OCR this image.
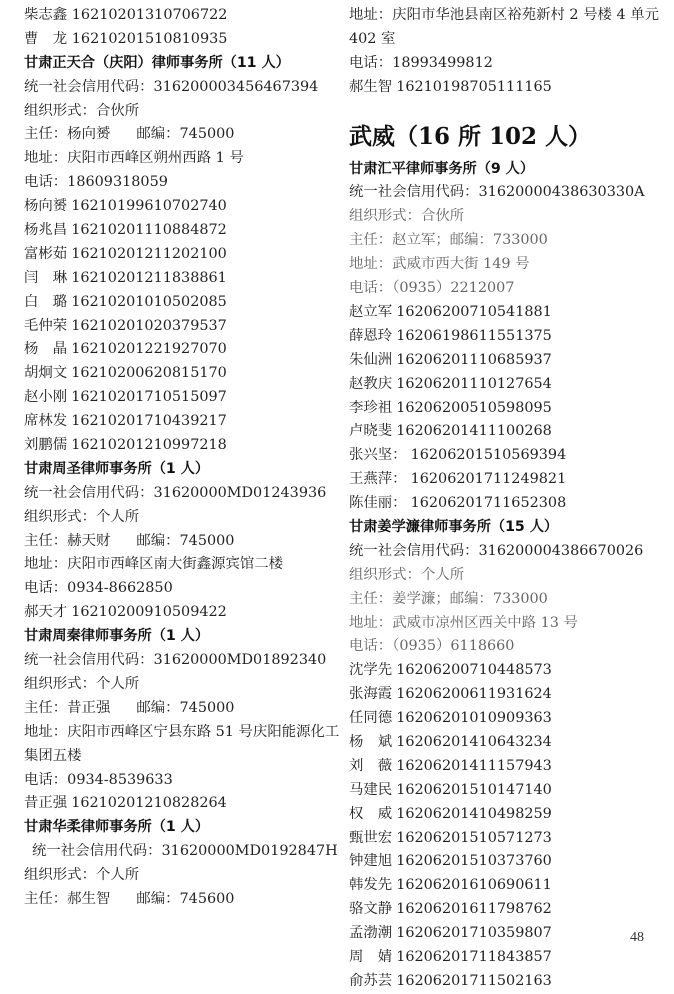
柴志鑫 16210201310706722
曹　龙 16210201510810935
甘肃正天合（庆阳）律师事务所（11 人）
统一社会信用代码：316200003456467394
组织形式：合伙所
主任：杨向赟 邮编：745000
地址：庆阳市西峰区朔州西路 1 号
电话：18609318059
杨向赟 16210199610702740
杨兆昌 16210201110884872
富彬茹 16210201211202100
闫　琳 16210201211838861
白　璐 16210201010502085
毛仲荣 16210201020379537
杨　晶 16210201221927070
胡炯文 16210200620815170
赵小刚 16210201710515097
席林发 16210201710439217
刘鹏儒 16210201210997218
甘肃周圣律师事务所（1 人）
统一社会信用代码：31620000MD01243936
组织形式：个人所
主任：赫天财 邮编：745000
地址：庆阳市西峰区南大街鑫源宾馆二楼
电话：0934-8662850
郝天才 16210200910509422
甘肃周秦律师事务所（1 人）
统一社会信用代码：31620000MD01892340
组织形式：个人所
主任：昔正强 邮编：745000
地址：庆阳市西峰区宁县东路 51 号庆阳能源化工集团五楼
电话：0934-8539633
昔正强 16210201210828264
甘肃华柔律师事务所（1 人）
统一社会信用代码：31620000MD0192847H
组织形式：个人所
主任：郝生智 邮编：745600
地址：庆阳市华池县南区裕苑新村 2 号楼 4 单元 402 室
电话：18993499812
郝生智 16210198705111165
武威（16 所 102 人）
甘肃汇平律师事务所（9 人）
统一社会信用代码：31620000438630330A
组织形式：合伙所
主任：赵立军；邮编：733000
地址：武威市西大街 149 号
电话：（0935）2212007
赵立军 16206200710541881
薛恩玲 16206198611551375
朱仙洲 16206201110685937
赵教庆 16206201110127654
李珍祖 16206200510598095
卢晓斐 16206201411100268
张兴坚： 16206201510569394
王燕萍： 16206201711249821
陈佳丽： 16206201711652308
甘肃姜学濂律师事务所（15 人）
统一社会信用代码：316200004386670026
组织形式：个人所
主任：姜学濂；邮编：733000
地址：武威市凉州区西关中路 13 号
电话：（0935）6118660
沈学先 16206200710448573
张海霞 16206200611931624
任同德 16206201010909363
杨　斌 16206201410643234
刘　薇 16206201411157943
马建民 16206201510147140
权　威 16206201410498259
甄世宏 16206201510571273
钟建旭 16206201510373760
韩发先 16206201610690611
骆文静 16206201611798762
孟渤潮 16206201710359807
周　婧 16206201711843857
俞苏芸 16206201711502163
48
